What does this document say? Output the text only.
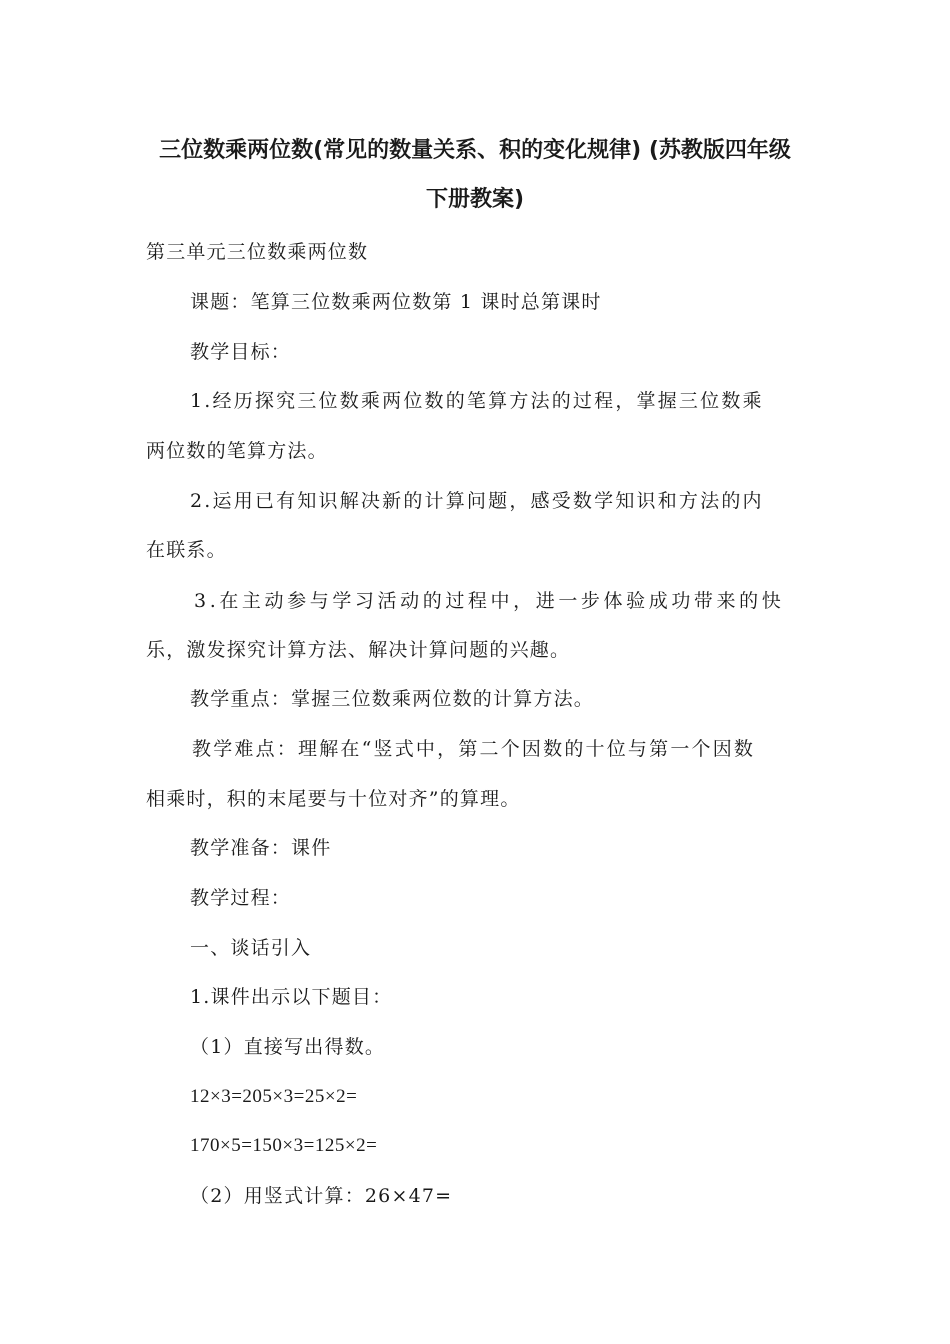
三位数乘两位数(常见的数量关系、积的变化规律) (苏教版四年级
下册教案)
第三单元三位数乘两位数
课题：笔算三位数乘两位数第 1 课时总第课时
教学目标：
1.经历探究三位数乘两位数的笔算方法的过程，掌握三位数乘
两位数的笔算方法。
2.运用已有知识解决新的计算问题，感受数学知识和方法的内
在联系。
3.在主动参与学习活动的过程中，进一步体验成功带来的快
乐，激发探究计算方法、解决计算问题的兴趣。
教学重点：掌握三位数乘两位数的计算方法。
教学难点：理解在“竖式中，第二个因数的十位与第一个因数
相乘时，积的末尾要与十位对齐”的算理。
教学准备：课件
教学过程：
一、谈话引入
1.课件出示以下题目：
（1）直接写出得数。
12×3=205×3=25×2=
170×5=150×3=125×2=
（2）用竖式计算：26×47=
